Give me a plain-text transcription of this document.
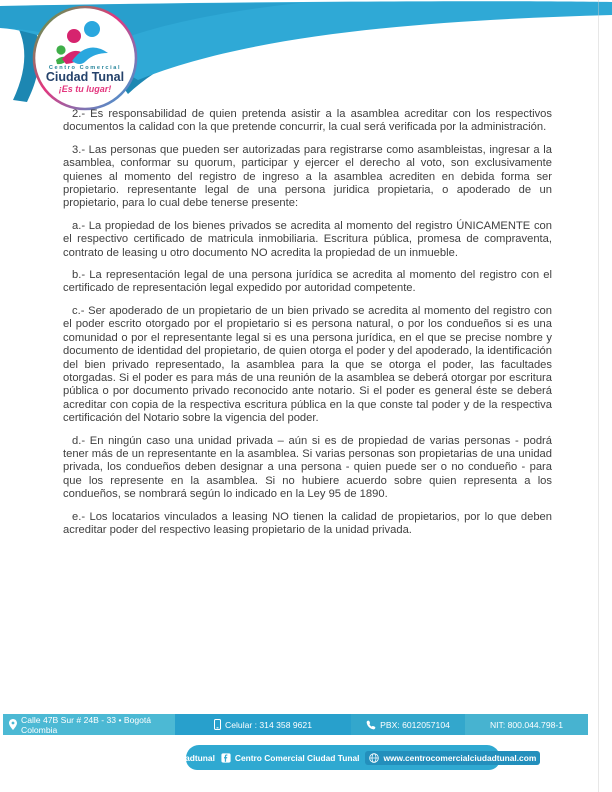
Centro Comercial
Ciudad Tunal
¡Es tu lugar!

2.- Es responsabilidad de quien pretenda asistir a la asamblea acreditar con los respectivos documentos la calidad con la que pretende concurrir, la cual será verificada por la administración.

3.- Las personas que pueden ser autorizadas para registrarse como asambleistas, ingresar a la asamblea, conformar su quorum, participar y ejercer el derecho al voto, son exclusivamente quienes al momento del registro de ingreso a la asamblea acrediten en debida forma ser propietario. representante legal de una persona juridica propietaria, o apoderado de un propietario, para lo cual debe tenerse presente:

a.- La propiedad de los bienes privados se acredita al momento del registro ÚNICAMENTE con el respectivo certificado de matricula inmobiliaria. Escritura pública, promesa de compraventa, contrato de leasing u otro documento NO acredita la propiedad de un inmueble.

b.- La representación legal de una persona jurídica se acredita al momento del registro con el certificado de representación legal expedido por autoridad competente.

c.- Ser apoderado de un propietario de un bien privado se acredita al momento del registro con el poder escrito otorgado por el propietario si es persona natural, o por los condueños si es una comunidad o por el representante legal si es una persona jurídica, en el que se precise nombre y documento de identidad del propietario, de quien otorga el poder y del apoderado, la identificación del bien privado representado, la asamblea para la que se otorga el poder, las facultades otorgadas. Si el poder es para más de una reunión de la asamblea se deberá otorgar por escritura pública o por documento privado reconocido ante notario. Si el poder es general éste se deberá acreditar con copia de la respectiva escritura pública en la que conste tal poder y de la respectiva certificación del Notario sobre la vigencia del poder.

d.- En ningún caso una unidad privada – aún si es de propiedad de varias personas - podrá tener más de un representante en la asamblea. Si varias personas son propietarias de una unidad privada, los condueños deben designar a una persona - quien puede ser o no condueño - para que los represente en la asamblea. Si no hubiere acuerdo sobre quien representa a los condueños, se nombrará según lo indicado en la Ley 95 de 1890.

e.- Los locatarios vinculados a leasing NO tienen la calidad de propietarios, por lo que deben acreditar poder del respectivo leasing propietario de la unidad privada.

Calle 47B Sur # 24B - 33 • Bogotá Colombia	Celular : 314 358 9621	PBX: 6012057104	NIT: 800.044.798-1
@ciudadtunal Centro Comercial Ciudad Tunal	www.centrocomercialciudadtunal.com
